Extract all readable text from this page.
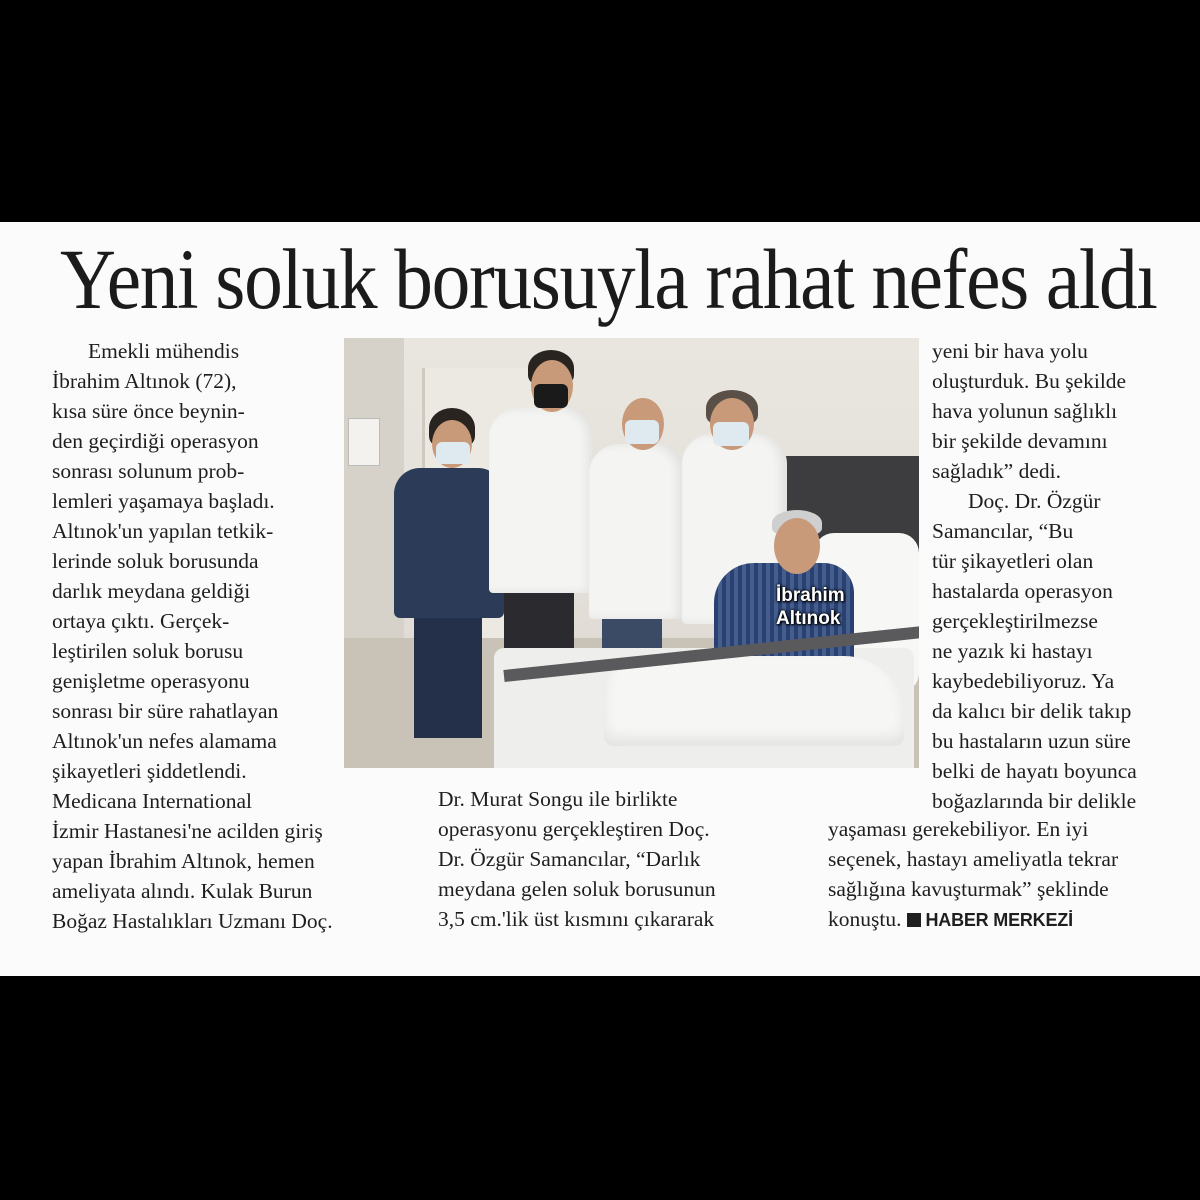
Yeni soluk borusuyla rahat nefes aldı
Emekli mühendis
İbrahim Altınok (72),
kısa süre önce beynin-
den geçirdiği operasyon
sonrası solunum prob-
lemleri yaşamaya başladı.
Altınok'un yapılan tetkik-
lerinde soluk borusunda
darlık meydana geldiği
ortaya çıktı. Gerçek-
leştirilen soluk borusu
genişletme operasyonu
sonrası bir süre rahatlayan
Altınok'un nefes alamama
şikayetleri şiddetlendi.
Medicana International
İzmir Hastanesi'ne acilden giriş
yapan İbrahim Altınok, hemen
ameliyata alındı. Kulak Burun
Boğaz Hastalıkları Uzmanı Doç.
İbrahim
Altınok
Dr. Murat Songu ile birlikte
operasyonu gerçekleştiren Doç.
Dr. Özgür Samancılar, “Darlık
meydana gelen soluk borusunun
3,5 cm.'lik üst kısmını çıkararak
yeni bir hava yolu
oluşturduk. Bu şekilde
hava yolunun sağlıklı
bir şekilde devamını
sağladık” dedi.
Doç. Dr. Özgür
Samancılar, “Bu
tür şikayetleri olan
hastalarda operasyon
gerçekleştirilmezse
ne yazık ki hastayı
kaybedebiliyoruz. Ya
da kalıcı bir delik takıp
bu hastaların uzun süre
belki de hayatı boyunca
boğazlarında bir delikle
yaşaması gerekebiliyor. En iyi
seçenek, hastayı ameliyatla tekrar
sağlığına kavuşturmak” şeklinde
konuştu. HABER MERKEZİ
